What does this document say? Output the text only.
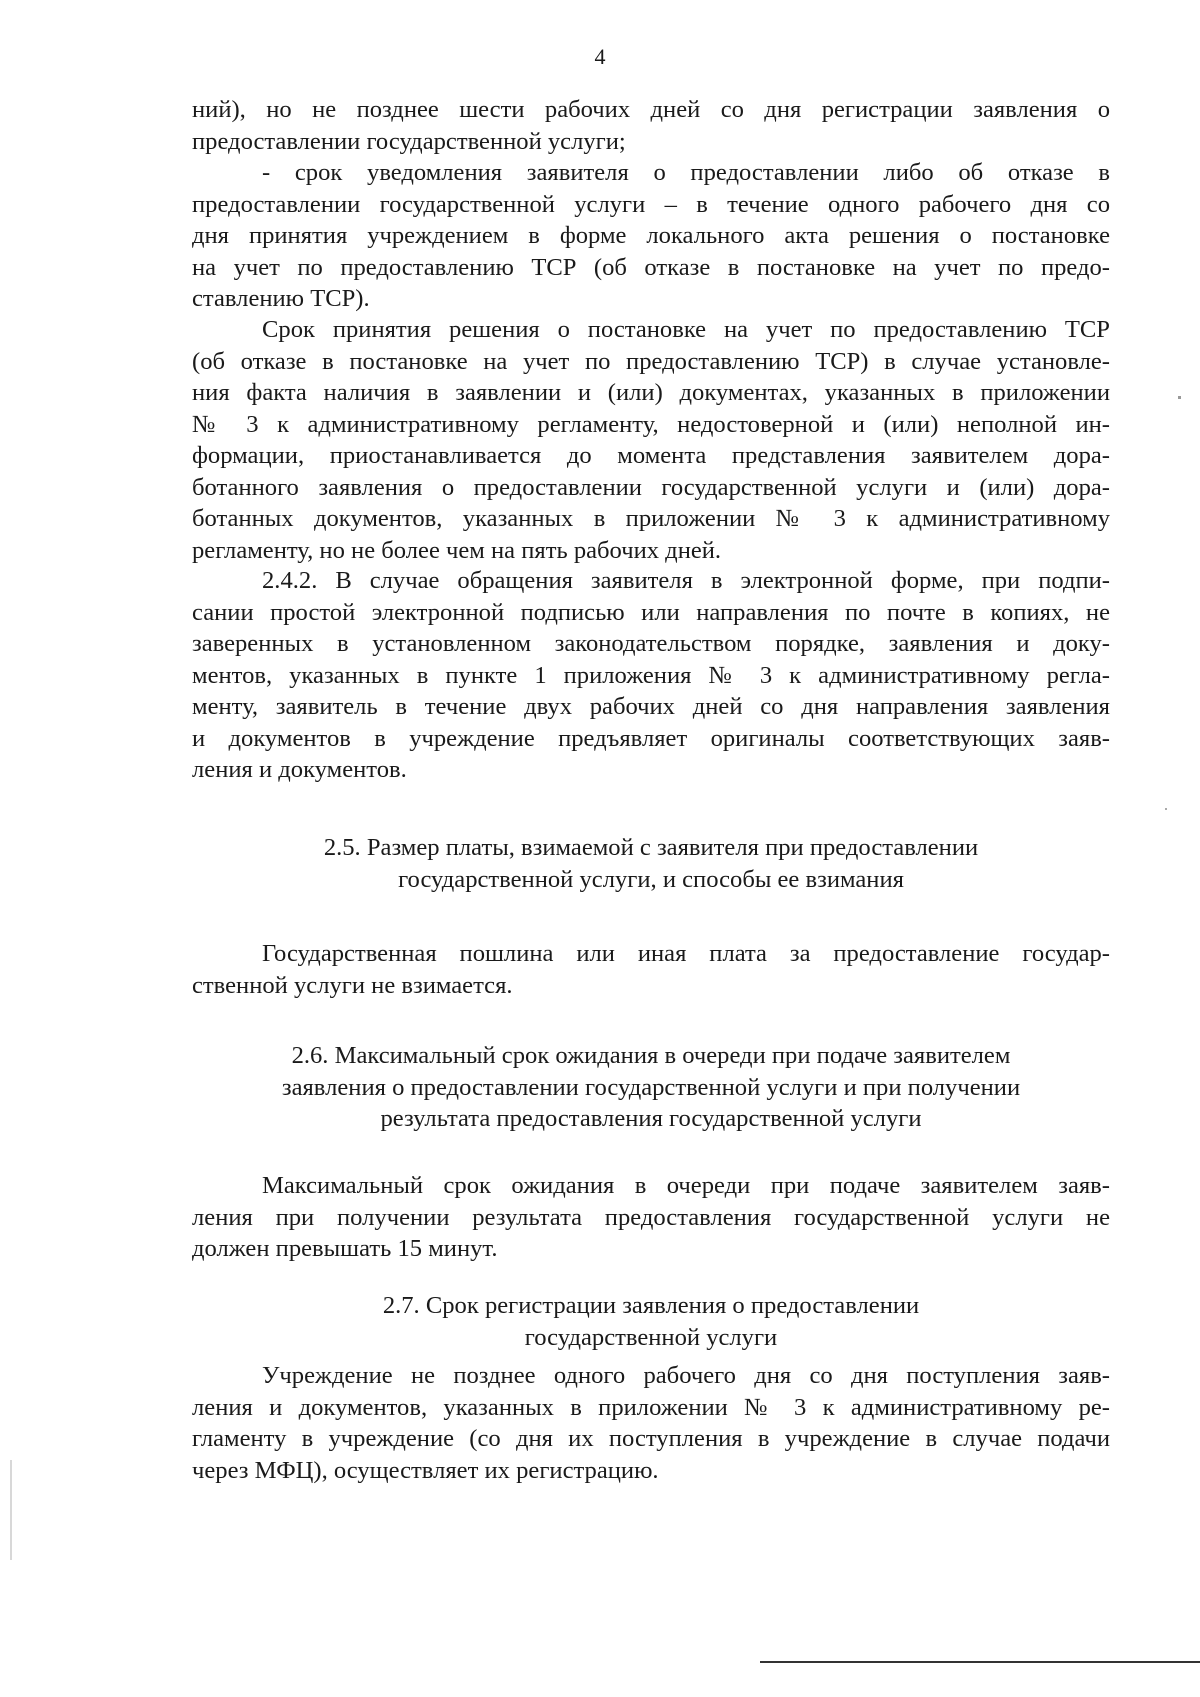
4
ний), но не позднее шести рабочих дней со дня регистрации заявления о
предоставлении государственной услуги;
- срок уведомления заявителя о предоставлении либо об отказе в
предоставлении государственной услуги – в течение одного рабочего дня со
дня принятия учреждением в форме локального акта решения о постановке
на учет по предоставлению ТСР (об отказе в постановке на учет по предо-
ставлению ТСР).
Срок принятия решения о постановке на учет по предоставлению ТСР
(об отказе в постановке на учет по предоставлению ТСР) в случае установле-
ния факта наличия в заявлении и (или) документах, указанных в приложении
№ 3 к административному регламенту, недостоверной и (или) неполной ин-
формации, приостанавливается до момента представления заявителем дора-
ботанного заявления о предоставлении государственной услуги и (или) дора-
ботанных документов, указанных в приложении № 3 к административному
регламенту, но не более чем на пять рабочих дней.
2.4.2. В случае обращения заявителя в электронной форме, при подпи-
сании простой электронной подписью или направления по почте в копиях, не
заверенных в установленном законодательством порядке, заявления и доку-
ментов, указанных в пункте 1 приложения № 3 к административному регла-
менту, заявитель в течение двух рабочих дней со дня направления заявления
и документов в учреждение предъявляет оригиналы соответствующих заяв-
ления и документов.
2.5. Размер платы, взимаемой с заявителя при предоставлении
государственной услуги, и способы ее взимания
Государственная пошлина или иная плата за предоставление государ-
ственной услуги не взимается.
2.6. Максимальный срок ожидания в очереди при подаче заявителем
заявления о предоставлении государственной услуги и при получении
результата предоставления государственной услуги
Максимальный срок ожидания в очереди при подаче заявителем заяв-
ления при получении результата предоставления государственной услуги не
должен превышать 15 минут.
2.7. Срок регистрации заявления о предоставлении
государственной услуги
Учреждение не позднее одного рабочего дня со дня поступления заяв-
ления и документов, указанных в приложении № 3 к административному ре-
гламенту в учреждение (со дня их поступления в учреждение в случае подачи
через МФЦ), осуществляет их регистрацию.
